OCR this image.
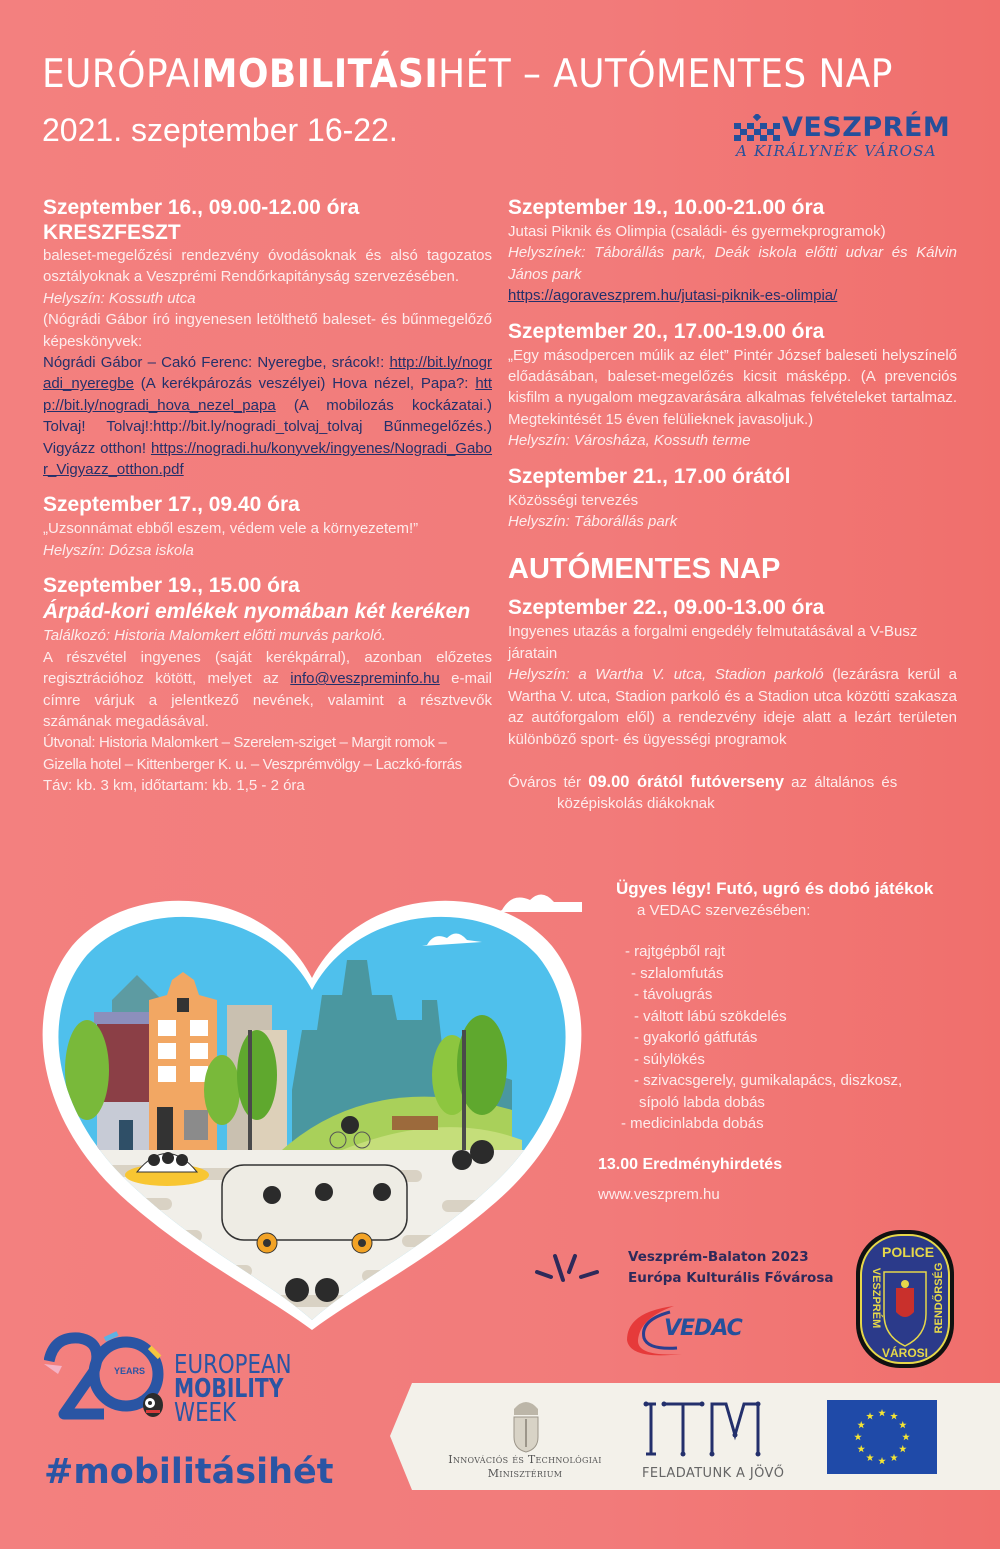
EURÓPAIMOBILITÁSIHÉT – AUTÓMENTES NAP
2021. szeptember 16-22.	VESZPRÉM
A KIRÁLYNÉK VÁROSA
Szeptember 16., 09.00-12.00 óra
KRESZFESZT
baleset-megelőzési rendezvény óvodásoknak és alsó tagozatos osztályoknak a Veszprémi Rendőrkapitányság szervezésében.
Helyszín: Kossuth utca
(Nógrádi Gábor író ingyenesen letölthető baleset- és bűnmegelőző képeskönyvek:
Nógrádi Gábor – Cakó Ferenc: Nyeregbe, srácok!: http://bit.ly/nogradi_nyeregbe (A kerékpározás veszélyei) Hova nézel, Papa?: http://bit.ly/nogradi_hova_nezel_papa (A mobilozás kockázatai.) Tolvaj! Tolvaj!:http://bit.ly/nogradi_tolvaj_tolvaj Bűnmegelőzés.) Vigyázz otthon! https://nogradi.hu/konyvek/ingyenes/Nogradi_Gabor_Vigyazz_otthon.pdf
Szeptember 17., 09.40 óra
„Uzsonnámat ebből eszem, védem vele a környezetem!”
Helyszín: Dózsa iskola
Szeptember 19., 15.00 óra
Árpád-kori emlékek nyomában két keréken
Találkozó: Historia Malomkert előtti murvás parkoló.
A részvétel ingyenes (saját kerékpárral), azonban előzetes regisztrációhoz kötött, melyet az info@veszpreminfo.hu e-mail címre várjuk a jelentkező nevének, valamint a résztvevők számának megadásával.
Útvonal: Historia Malomkert – Szerelem-sziget – Margit romok – Gizella hotel – Kittenberger K. u. – Veszprémvölgy – Laczkó-forrás
Táv: kb. 3 km, időtartam: kb. 1,5 - 2 óra
Szeptember 19., 10.00-21.00 óra
Jutasi Piknik és Olimpia (családi- és gyermekprogramok)
Helyszínek: Táborállás park, Deák iskola előtti udvar és Kálvin János park
https://agoraveszprem.hu/jutasi-piknik-es-olimpia/
Szeptember 20., 17.00-19.00 óra
„Egy másodpercen múlik az élet” Pintér József baleseti helyszínelő előadásában, baleset-megelőzés kicsit másképp. (A prevenciós kisfilm a nyugalom megzavarására alkalmas felvételeket tartalmaz. Megtekintését 15 éven felülieknek javasoljuk.)
Helyszín: Városháza, Kossuth terme
Szeptember 21., 17.00 órától
Közösségi tervezés
Helyszín: Táborállás park
AUTÓMENTES NAP
Szeptember 22., 09.00-13.00 óra
Ingyenes utazás a forgalmi engedély felmutatásával a V-Busz járatain
Helyszín: a Wartha V. utca, Stadion parkoló (lezárásra kerül a Wartha V. utca, Stadion parkoló és a Stadion utca közötti szakasza az autóforgalom elől) a rendezvény ideje alatt a lezárt területen különböző sport- és ügyességi programok
Óváros tér 09.00 órától futóverseny az általános és
középiskolás diákoknak
Ügyes légy! Futó, ugró és dobó játékok
a VEDAC szervezésében:
- rajtgépből rajt
- szlalomfutás
- távolugrás
- váltott lábú szökdelés
- gyakorló gátfutás
- súlylökés
- szivacsgerely, gumikalapács, diszkosz,
sípoló labda dobás
- medicinlabda dobás
13.00 Eredményhirdetés
www.veszprem.hu
Veszprém-Balaton 2023
Európa Kulturális Fővárosa
VEDAC
POLICE
VESZPRÉM
VÁROSI
RENDŐRSÉG
YEARS EUROPEAN
MOBILITY
WEEK
#mobilitásihét	Innovációs és Technológiai
Minisztérium	FELADATUNK A JÖVŐ
